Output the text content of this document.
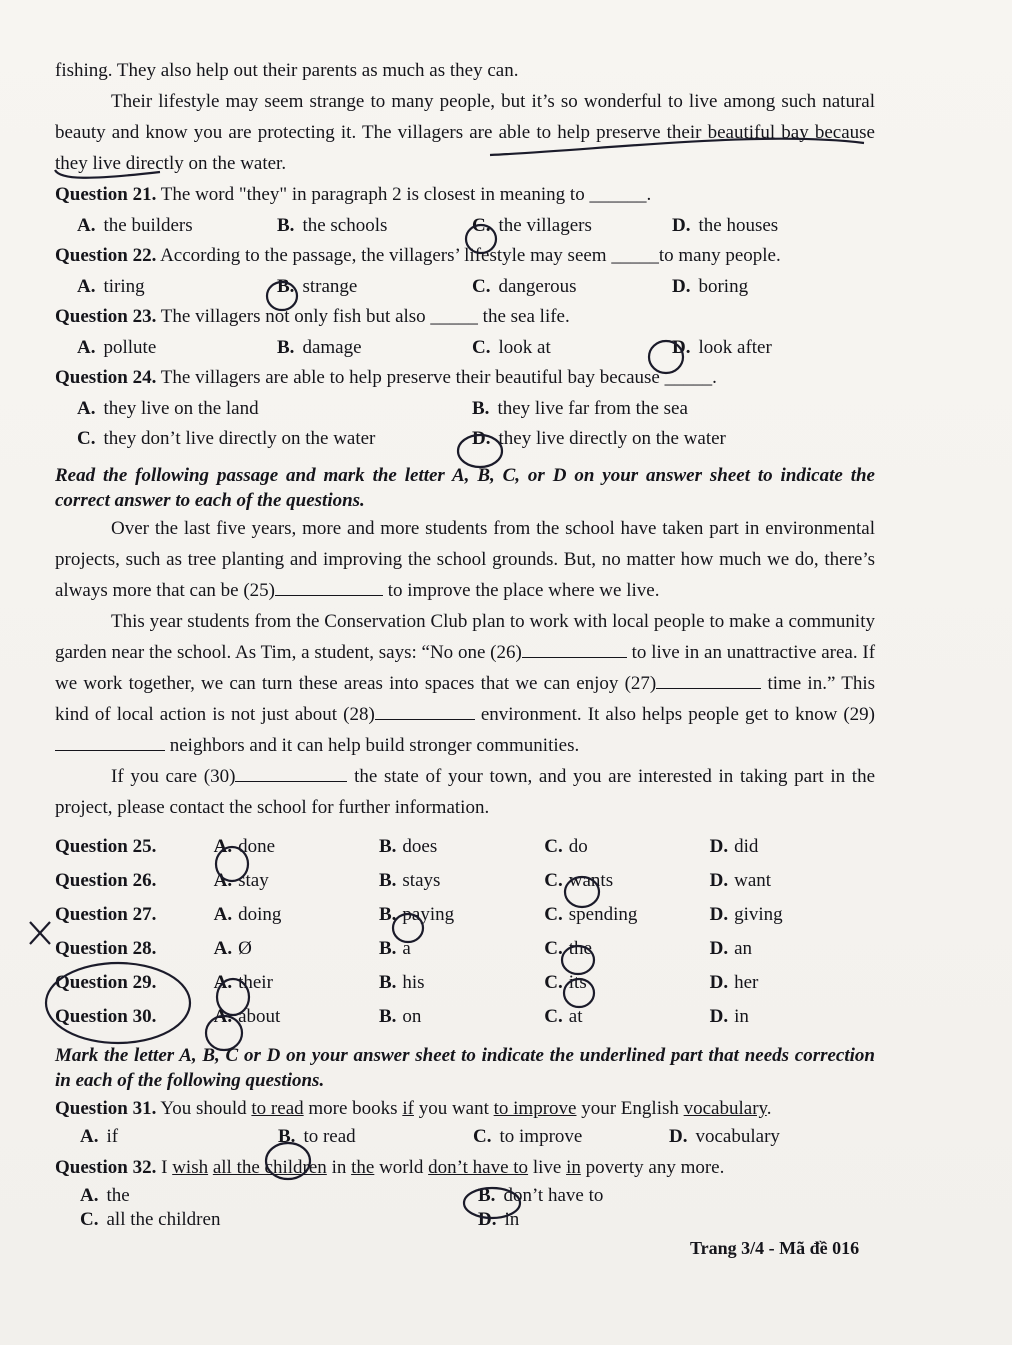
fishing. They also help out their parents as much as they can.

Their lifestyle may seem strange to many people, but it’s so wonderful to live among such natural beauty and know you are protecting it. The villagers are able to help preserve their beautiful bay because they live directly on the water.

Question 21. The word "they" in paragraph 2 is closest in meaning to ______.
A. the builders	B. the schools	C. the villagers	D. the houses
Question 22. According to the passage, the villagers’ lifestyle may seem _____to many people.
A. tiring	B. strange	C. dangerous	D. boring
Question 23. The villagers not only fish but also _____ the sea life.
A. pollute	B. damage	C. look at	D. look after
Question 24. The villagers are able to help preserve their beautiful bay because _____.
A. they live on the land	B. they live far from the sea
C. they don’t live directly on the water	D. they live directly on the water

Read the following passage and mark the letter A, B, C, or D on your answer sheet to indicate the correct answer to each of the questions.

Over the last five years, more and more students from the school have taken part in environmental projects, such as tree planting and improving the school grounds. But, no matter how much we do, there’s always more that can be (25)	to improve the place where we live.

This year students from the Conservation Club plan to work with local people to make a community garden near the school. As Tim, a student, says: “No one (26)	to live in an unattractive area. If we work together, we can turn these areas into spaces that we can enjoy (27)	time in.” This kind of local action is not just about (28)	environment. It also helps people get to know (29) neighbors and it can help build stronger communities.

If you care (30)	the state of your town, and you are interested in taking part in the project, please contact the school for further information.

Question 25.	A. done	B. does	C. do	D. did
Question 26.	A. stay	B. stays	C. wants	D. want
Question 27.	A. doing	B. paying	C. spending	D. giving
Question 28.	A. Ø	B. a	C. the	D. an
Question 29.	A. their	B. his	C. its	D. her
Question 30.	A. about	B. on	C. at	D. in

Mark the letter A, B, C or D on your answer sheet to indicate the underlined part that needs correction in each of the following questions.

Question 31. You should to read more books if you want to improve your English vocabulary.
A. if	B. to read	C. to improve	D. vocabulary
Question 32. I wish all the children in the world don’t have to live in poverty any more.
A. the	B. don’t have to
C. all the children	D. in
Trang 3/4 - Mã đề 016
